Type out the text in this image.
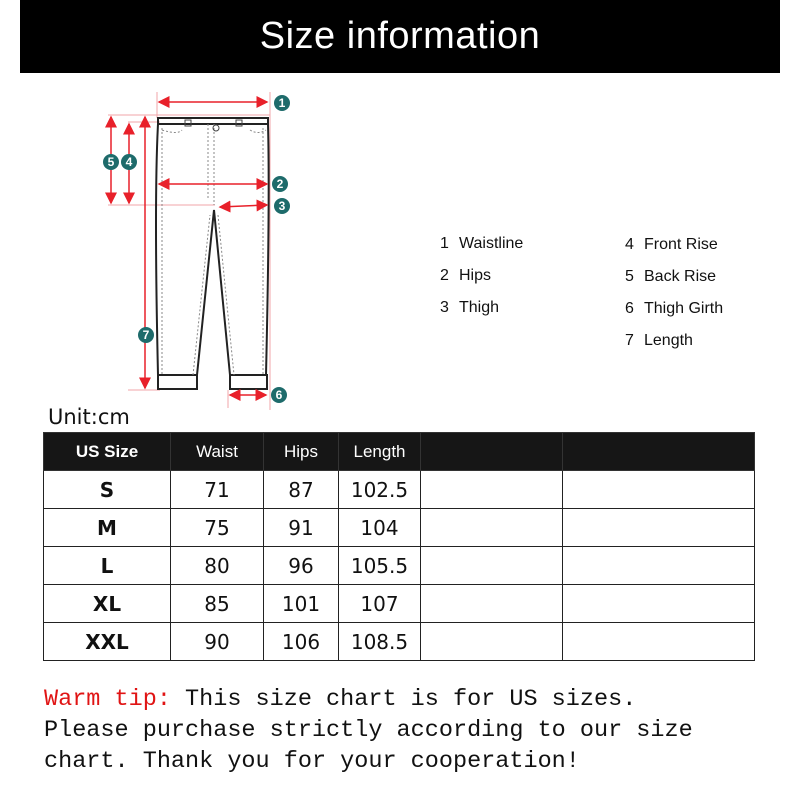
Size information
1
2
3
4
5
6
7
1 Waistline
2 Hips
3 Thigh
4 Front Rise
5 Back Rise
6 Thigh Girth
7 Length
Unit:cm
US Size	Waist	Hips	Length		
S	71	87	102.5		
M	75	91	104		
L	80	96	105.5		
XL	85	101	107		
XXL	90	106	108.5		
Warm tip: This size chart is for US sizes.
Please purchase strictly according to our size
chart. Thank you for your cooperation!
